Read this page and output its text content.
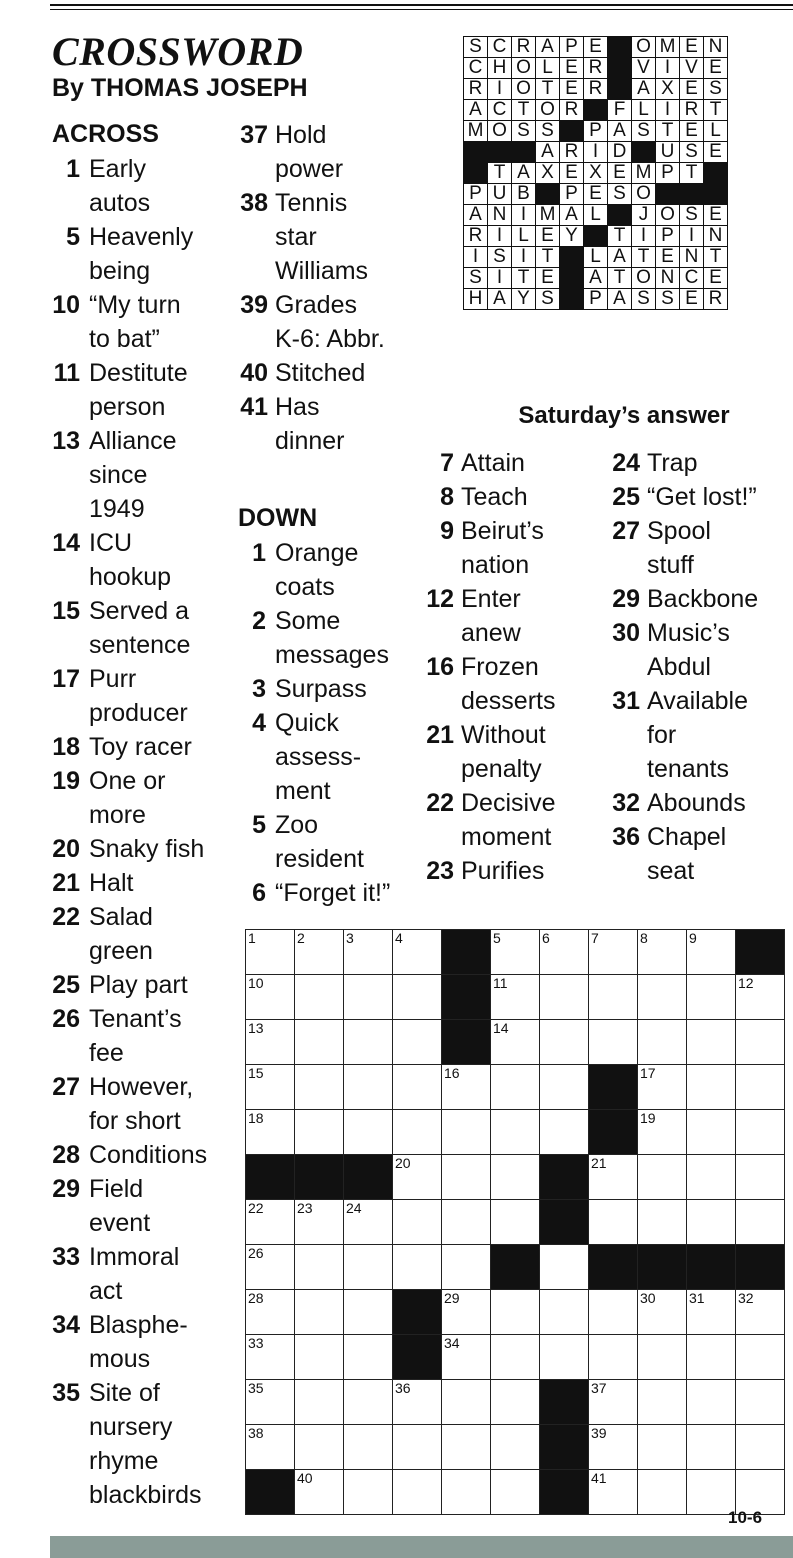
CROSSWORD
By THOMAS JOSEPH
ACROSS
DOWN
1 Early
autos
5 Heavenly
being
10 “My turn
to bat”
11 Destitute
person
13 Alliance
since
1949
14 ICU
hookup
15 Served a
sentence
17 Purr
producer
18 Toy racer
19 One or
more
20 Snaky fish
21 Halt
22 Salad
green
25 Play part
26 Tenant’s
fee
27 However,
for short
28 Conditions
29 Field
event
33 Immoral
act
34 Blasphe-
mous
35 Site of
nursery
rhyme
blackbirds
37 Hold
power
38 Tennis
star
Williams
39 Grades
K-6: Abbr.
40 Stitched
41 Has
dinner
1 Orange
coats
2 Some
messages
3 Surpass
4 Quick
assess-
ment
5 Zoo
resident
6 “Forget it!”
7 Attain
8 Teach
9 Beirut’s
nation
12 Enter
anew
16 Frozen
desserts
21 Without
penalty
22 Decisive
moment
23 Purifies
24 Trap
25 “Get lost!”
27 Spool
stuff
29 Backbone
30 Music’s
Abdul
31 Available
for
tenants
32 Abounds
36 Chapel
seat
S	C	R	A	P	E		O	M	E	N
C	H	O	L	E	R		V	I	V	E
R	I	O	T	E	R		A	X	E	S
A	C	T	O	R		F	L	I	R	T
M	O	S	S		P	A	S	T	E	L
			A	R	I	D		U	S	E
	T	A	X	E	X	E	M	P	T	
P	U	B		P	E	S	O			
A	N	I	M	A	L		J	O	S	E
R	I	L	E	Y		T	I	P	I	N
I	S	I	T		L	A	T	E	N	T
S	I	T	E		A	T	O	N	C	E
H	A	Y	S		P	A	S	S	E	R
Saturday’s answer
1	2	3	4		5	6	7	8	9	

10					11					12

13					14					

15				16				17		

18								19		

			20				21			

22	23	24								

26										

28				29				30	31	32

33				34						

35			36				37			

38							39			

	40						41			

10-6
